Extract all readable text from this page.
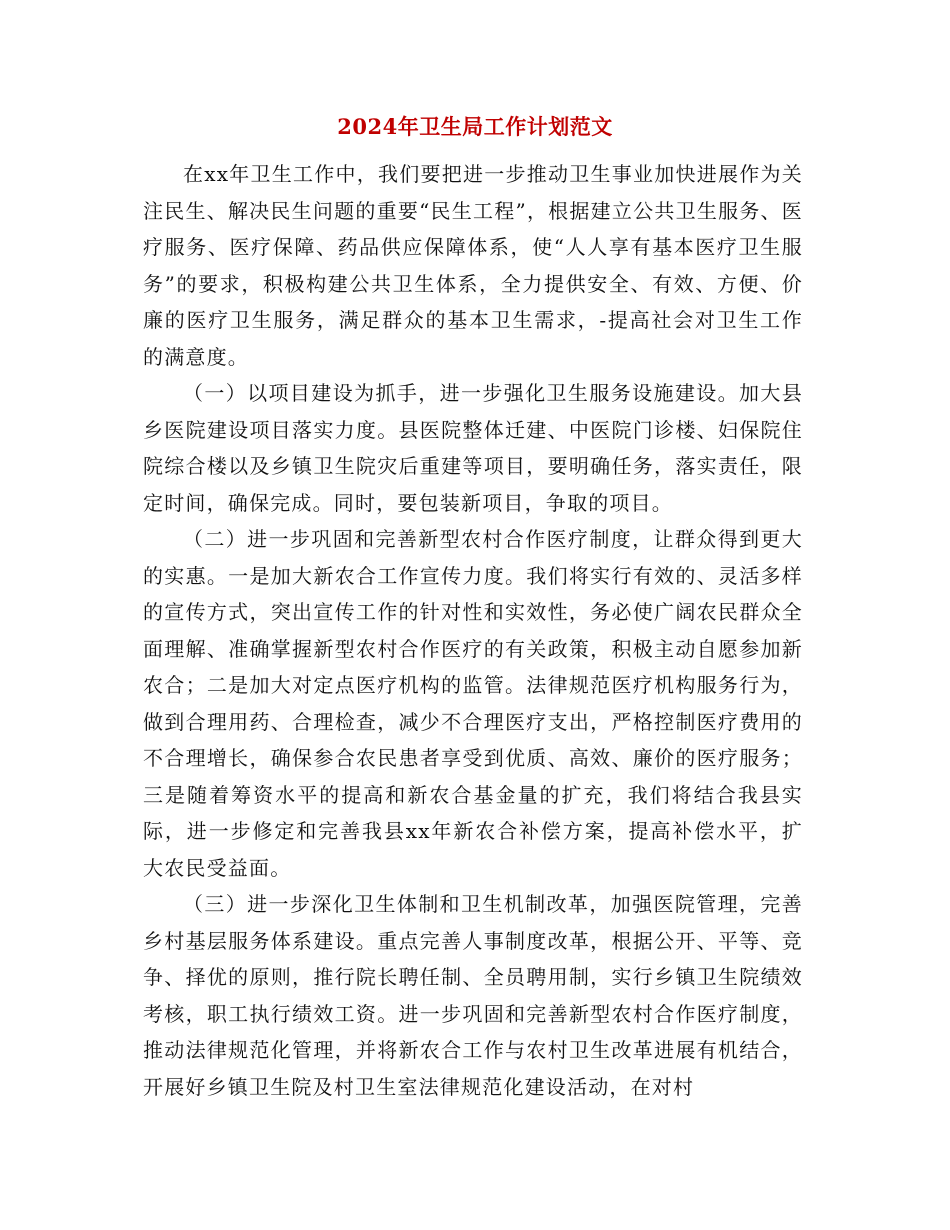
2024年卫生局工作计划范文

在xx年卫生工作中，我们要把进一步推动卫生事业加快进展作为关注民生、解决民生问题的重要“民生工程”，根据建立公共卫生服务、医疗服务、医疗保障、药品供应保障体系，使“人人享有基本医疗卫生服务”的要求，积极构建公共卫生体系，全力提供安全、有效、方便、价廉的医疗卫生服务，满足群众的基本卫生需求，-提高社会对卫生工作的满意度。

（一）以项目建设为抓手，进一步强化卫生服务设施建设。加大县乡医院建设项目落实力度。县医院整体迁建、中医院门诊楼、妇保院住院综合楼以及乡镇卫生院灾后重建等项目，要明确任务，落实责任，限定时间，确保完成。同时，要包装新项目，争取的项目。

（二）进一步巩固和完善新型农村合作医疗制度，让群众得到更大的实惠。一是加大新农合工作宣传力度。我们将实行有效的、灵活多样的宣传方式，突出宣传工作的针对性和实效性，务必使广阔农民群众全面理解、准确掌握新型农村合作医疗的有关政策，积极主动自愿参加新农合；二是加大对定点医疗机构的监管。法律规范医疗机构服务行为，做到合理用药、合理检查，减少不合理医疗支出，严格控制医疗费用的不合理增长，确保参合农民患者享受到优质、高效、廉价的医疗服务；三是随着筹资水平的提高和新农合基金量的扩充，我们将结合我县实际，进一步修定和完善我县xx年新农合补偿方案，提高补偿水平，扩大农民受益面。

（三）进一步深化卫生体制和卫生机制改革，加强医院管理，完善乡村基层服务体系建设。重点完善人事制度改革，根据公开、平等、竞争、择优的原则，推行院长聘任制、全员聘用制，实行乡镇卫生院绩效考核，职工执行绩效工资。进一步巩固和完善新型农村合作医疗制度，推动法律规范化管理，并将新农合工作与农村卫生改革进展有机结合，开展好乡镇卫生院及村卫生室法律规范化建设活动，在对村
